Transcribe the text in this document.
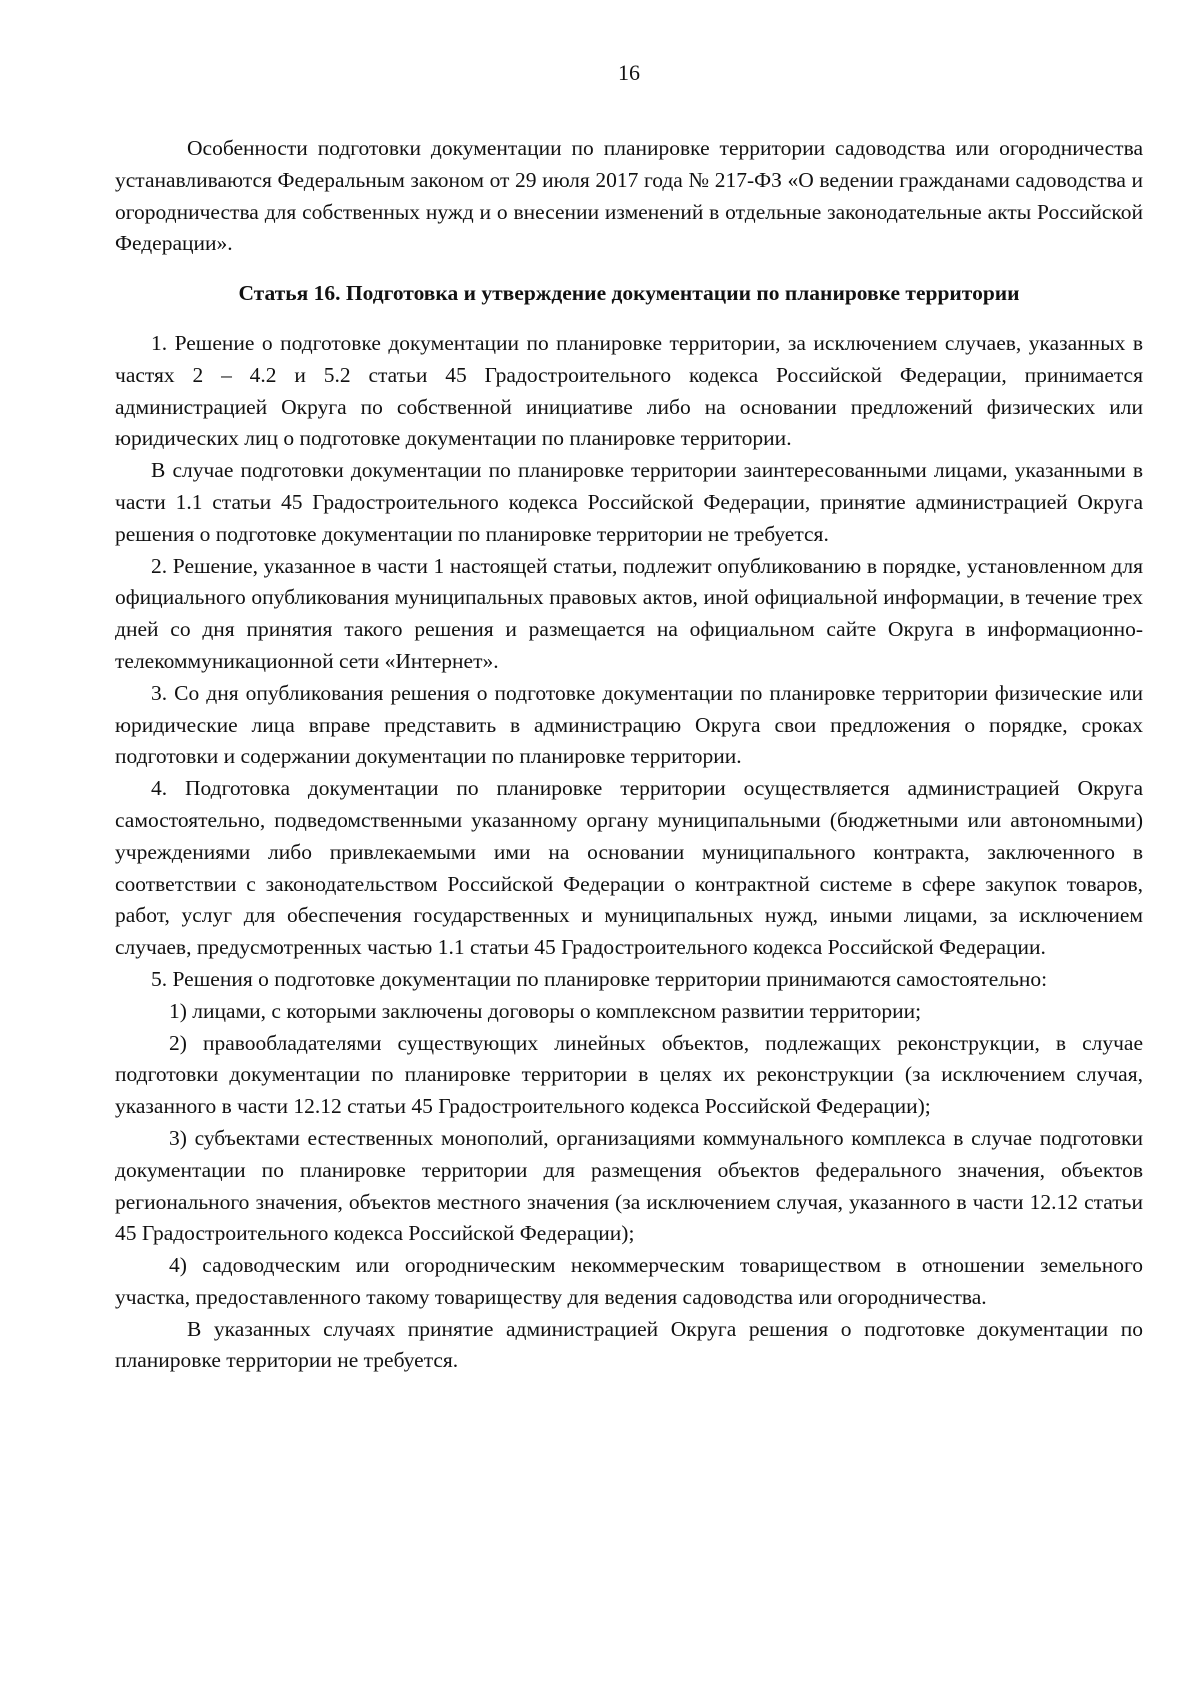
16

Особенности подготовки документации по планировке территории садоводства или огородничества устанавливаются Федеральным законом от 29 июля 2017 года № 217-ФЗ «О ведении гражданами садоводства и огородничества для собственных нужд и о внесении изменений в отдельные законодательные акты Российской Федерации».

Статья 16. Подготовка и утверждение документации по планировке территории

1. Решение о подготовке документации по планировке территории, за исключением случаев, указанных в частях 2 – 4.2 и 5.2 статьи 45 Градостроительного кодекса Российской Федерации, принимается администрацией Округа по собственной инициативе либо на основании предложений физических или юридических лиц о подготовке документации по планировке территории.

В случае подготовки документации по планировке территории заинтересованными лицами, указанными в части 1.1 статьи 45 Градостроительного кодекса Российской Федерации, принятие администрацией Округа решения о подготовке документации по планировке территории не требуется.

2. Решение, указанное в части 1 настоящей статьи, подлежит опубликованию в порядке, установленном для официального опубликования муниципальных правовых актов, иной официальной информации, в течение трех дней со дня принятия такого решения и размещается на официальном сайте Округа в информационно-телекоммуникационной сети «Интернет».

3. Со дня опубликования решения о подготовке документации по планировке территории физические или юридические лица вправе представить в администрацию Округа свои предложения о порядке, сроках подготовки и содержании документации по планировке территории.

4. Подготовка документации по планировке территории осуществляется администрацией Округа самостоятельно, подведомственными указанному органу муниципальными (бюджетными или автономными) учреждениями либо привлекаемыми ими на основании муниципального контракта, заключенного в соответствии с законодательством Российской Федерации о контрактной системе в сфере закупок товаров, работ, услуг для обеспечения государственных и муниципальных нужд, иными лицами, за исключением случаев, предусмотренных частью 1.1 статьи 45 Градостроительного кодекса Российской Федерации.

5. Решения о подготовке документации по планировке территории принимаются самостоятельно:

1) лицами, с которыми заключены договоры о комплексном развитии территории;

2) правообладателями существующих линейных объектов, подлежащих реконструкции, в случае подготовки документации по планировке территории в целях их реконструкции (за исключением случая, указанного в части 12.12 статьи 45 Градостроительного кодекса Российской Федерации);

3) субъектами естественных монополий, организациями коммунального комплекса в случае подготовки документации по планировке территории для размещения объектов федерального значения, объектов регионального значения, объектов местного значения (за исключением случая, указанного в части 12.12 статьи 45 Градостроительного кодекса Российской Федерации);

4) садоводческим или огородническим некоммерческим товариществом в отношении земельного участка, предоставленного такому товариществу для ведения садоводства или огородничества.

В указанных случаях принятие администрацией Округа решения о подготовке документации по планировке территории не требуется.
